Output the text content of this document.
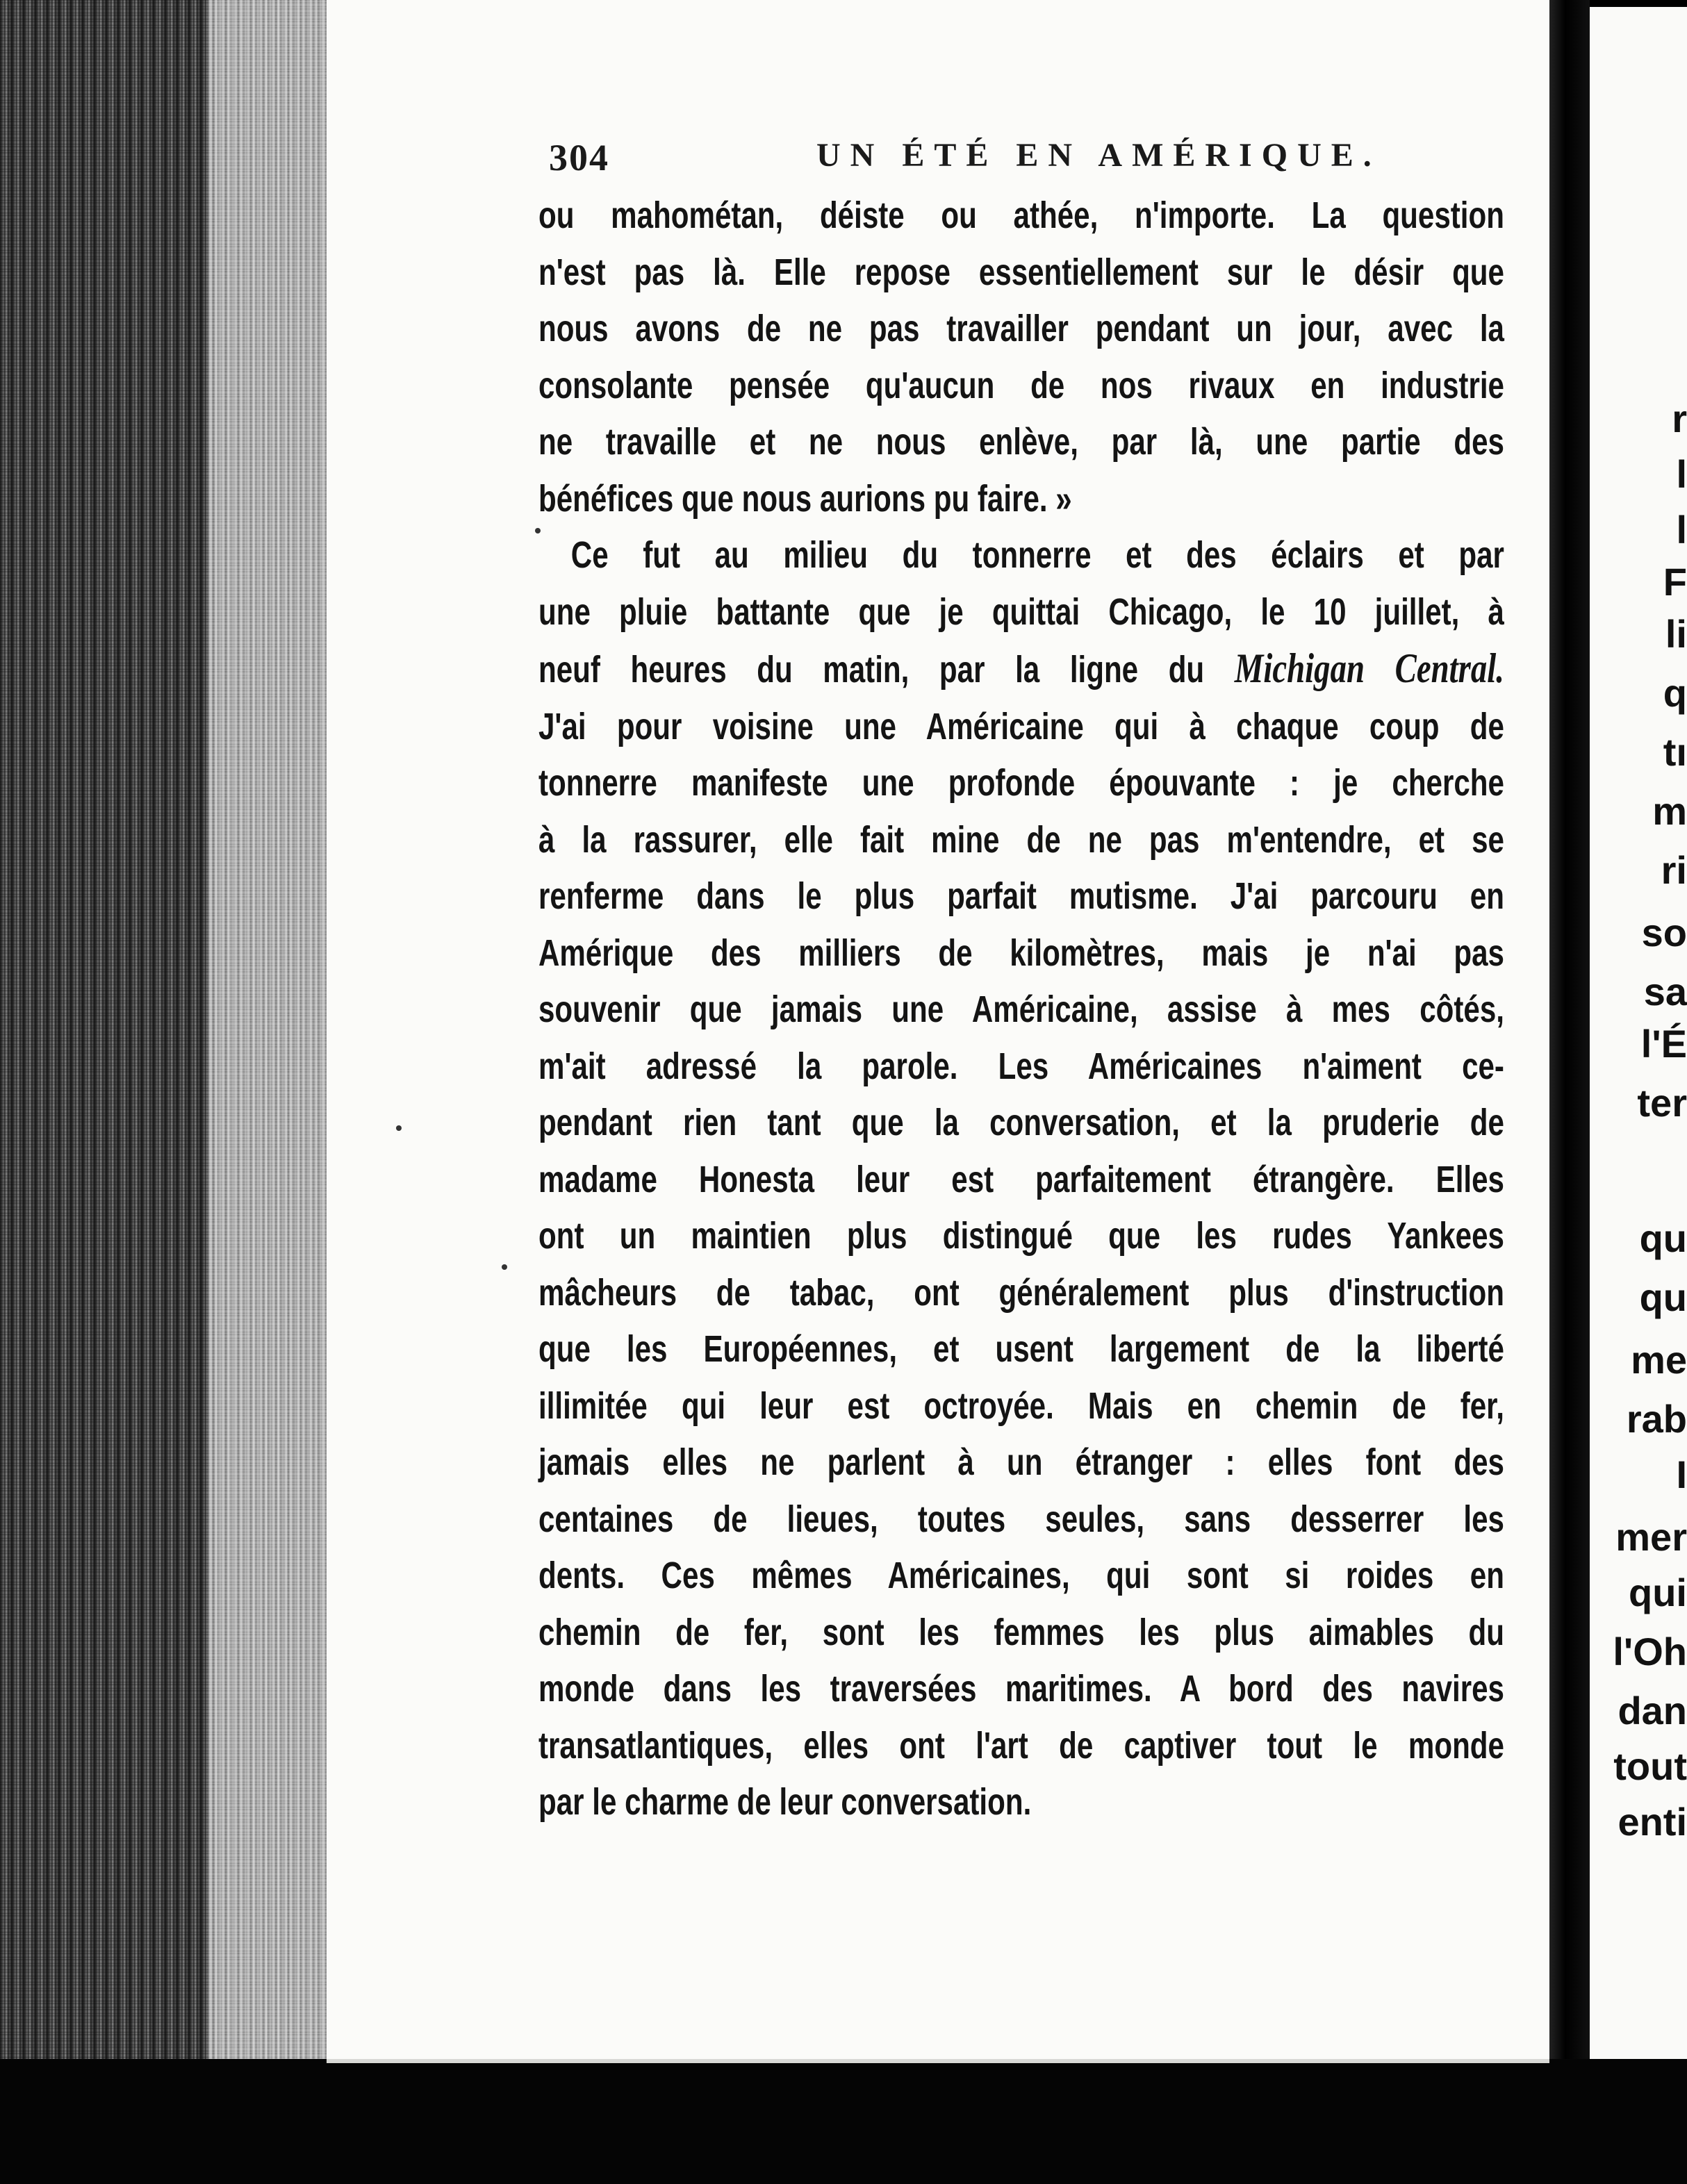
304	UN ÉTÉ EN AMÉRIQUE.
ou mahométan, déiste ou athée, n'importe. La question
n'est pas là. Elle repose essentiellement sur le désir que
nous avons de ne pas travailler pendant un jour, avec la
consolante pensée qu'aucun de nos rivaux en industrie
ne travaille et ne nous enlève, par là, une partie des
bénéfices que nous aurions pu faire. »
Ce fut au milieu du tonnerre et des éclairs et par
une pluie battante que je quittai Chicago, le 10 juillet, à
neuf heures du matin, par la ligne du Michigan Central.
J'ai pour voisine une Américaine qui à chaque coup de
tonnerre manifeste une profonde épouvante : je cherche
à la rassurer, elle fait mine de ne pas m'entendre, et se
renferme dans le plus parfait mutisme. J'ai parcouru en
Amérique des milliers de kilomètres, mais je n'ai pas
souvenir que jamais une Américaine, assise à mes côtés,
m'ait adressé la parole. Les Américaines n'aiment ce-
pendant rien tant que la conversation, et la pruderie de
madame Honesta leur est parfaitement étrangère. Elles
ont un maintien plus distingué que les rudes Yankees
mâcheurs de tabac, ont généralement plus d'instruction
que les Européennes, et usent largement de la liberté
illimitée qui leur est octroyée. Mais en chemin de fer,
jamais elles ne parlent à un étranger : elles font des
centaines de lieues, toutes seules, sans desserrer les
dents. Ces mêmes Américaines, qui sont si roides en
chemin de fer, sont les femmes les plus aimables du
monde dans les traversées maritimes. A bord des navires
transatlantiques, elles ont l'art de captiver tout le monde
par le charme de leur conversation.
r
l
l
F
li
q
tı
m
ri
so
sa
l'É
ter
qu
qu
me
rab
I
mer
qui
l'Oh
dan
tout
enti
